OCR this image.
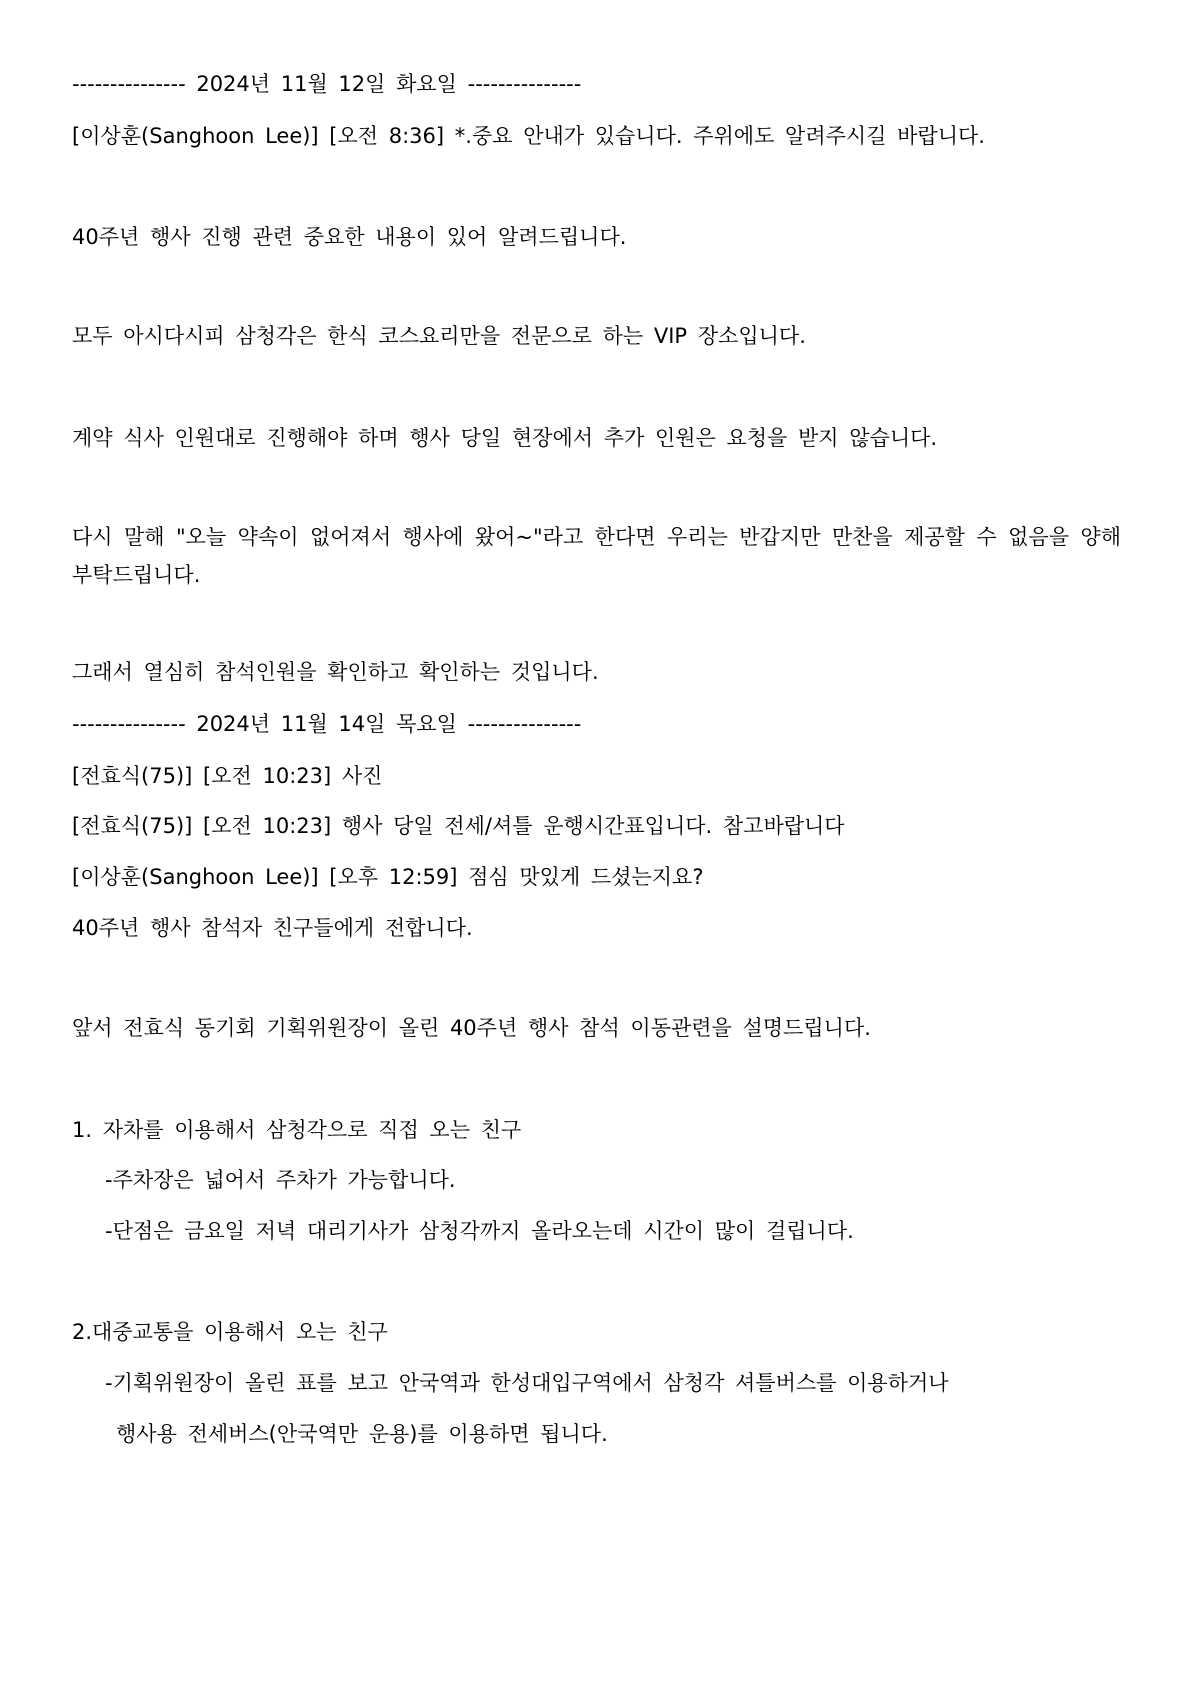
--------------- 2024년 11월 12일 화요일 ---------------
[이상훈(Sanghoon Lee)] [오전 8:36] *.중요 안내가 있습니다. 주위에도 알려주시길 바랍니다.
40주년 행사 진행 관련 중요한 내용이 있어 알려드립니다.
모두 아시다시피 삼청각은 한식 코스요리만을 전문으로 하는 VIP 장소입니다.
계약 식사 인원대로 진행해야 하며 행사 당일 현장에서 추가 인원은 요청을 받지 않습니다.
다시 말해 "오늘 약속이 없어져서 행사에 왔어~"라고 한다면 우리는 반갑지만 만찬을 제공할 수 없음을 양해 부탁드립니다.
그래서 열심히 참석인원을 확인하고 확인하는 것입니다.
--------------- 2024년 11월 14일 목요일 ---------------
[전효식(75)] [오전 10:23] 사진
[전효식(75)] [오전 10:23] 행사 당일 전세/셔틀 운행시간표입니다. 참고바랍니다
[이상훈(Sanghoon Lee)] [오후 12:59] 점심 맛있게 드셨는지요?
40주년 행사 참석자 친구들에게 전합니다.
앞서 전효식 동기회 기획위원장이 올린 40주년 행사 참석 이동관련을 설명드립니다.
1. 자차를 이용해서 삼청각으로 직접 오는 친구
-주차장은 넓어서 주차가 가능합니다.
-단점은 금요일 저녁 대리기사가 삼청각까지 올라오는데 시간이 많이 걸립니다.
2.대중교통을 이용해서 오는 친구
-기획위원장이 올린 표를 보고 안국역과 한성대입구역에서 삼청각 셔틀버스를 이용하거나
행사용 전세버스(안국역만 운용)를 이용하면 됩니다.
